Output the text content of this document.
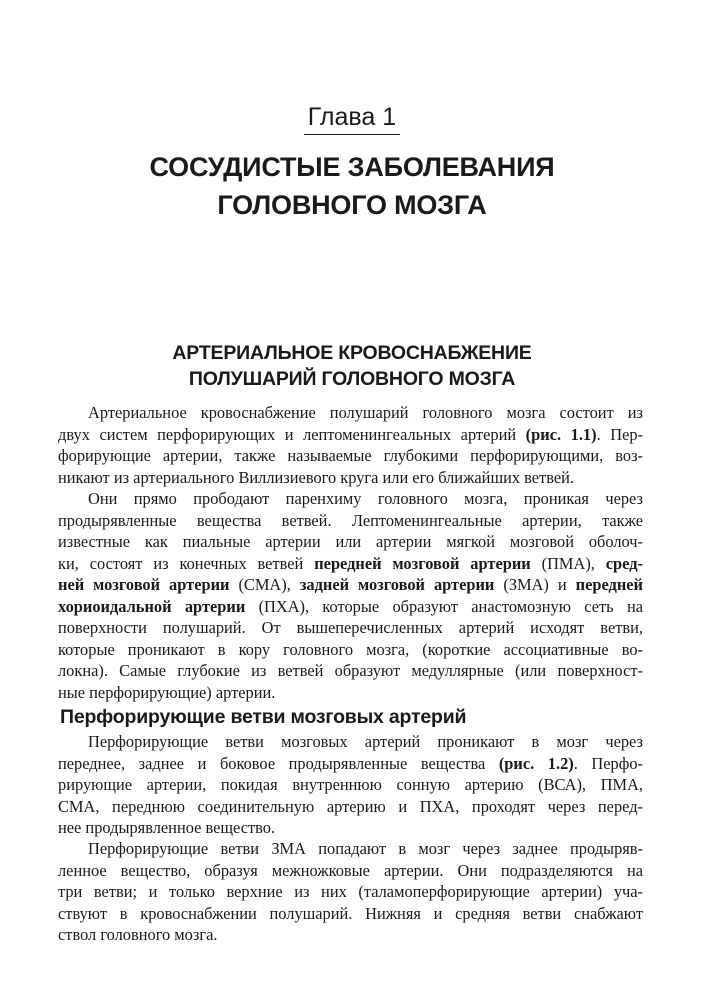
Глава 1
СОСУДИСТЫЕ ЗАБОЛЕВАНИЯ
ГОЛОВНОГО МОЗГА
АРТЕРИАЛЬНОЕ КРОВОСНАБЖЕНИЕ
ПОЛУШАРИЙ ГОЛОВНОГО МОЗГА
Артериальное кровоснабжение полушарий головного мозга состоит из
двух систем перфорирующих и лептоменингеальных артерий (рис. 1.1). Пер-
форирующие артерии, также называемые глубокими перфорирующими, воз-
никают из артериального Виллизиевого круга или его ближайших ветвей.
Они прямо прободают паренхиму головного мозга, проникая через
продырявленные вещества ветвей. Лептоменингеальные артерии, также
известные как пиальные артерии или артерии мягкой мозговой оболоч-
ки, состоят из конечных ветвей передней мозговой артерии (ПМА), сред-
ней мозговой артерии (СМА), задней мозговой артерии (ЗМА) и передней
хориоидальной артерии (ПХА), которые образуют анастомозную сеть на
поверхности полушарий. От вышеперечисленных артерий исходят ветви,
которые проникают в кору головного мозга, (короткие ассоциативные во-
локна). Самые глубокие из ветвей образуют медуллярные (или поверхност-
ные перфорирующие) артерии.
Перфорирующие ветви мозговых артерий
Перфорирующие ветви мозговых артерий проникают в мозг через
переднее, заднее и боковое продырявленные вещества (рис. 1.2). Перфо-
рирующие артерии, покидая внутреннюю сонную артерию (ВСА), ПМА,
СМА, переднюю соединительную артерию и ПХА, проходят через перед-
нее продырявленное вещество.
Перфорирующие ветви ЗМА попадают в мозг через заднее продыряв-
ленное вещество, образуя межножковые артерии. Они подразделяются на
три ветви; и только верхние из них (таламоперфорирующие артерии) уча-
ствуют в кровоснабжении полушарий. Нижняя и средняя ветви снабжают
ствол головного мозга.
